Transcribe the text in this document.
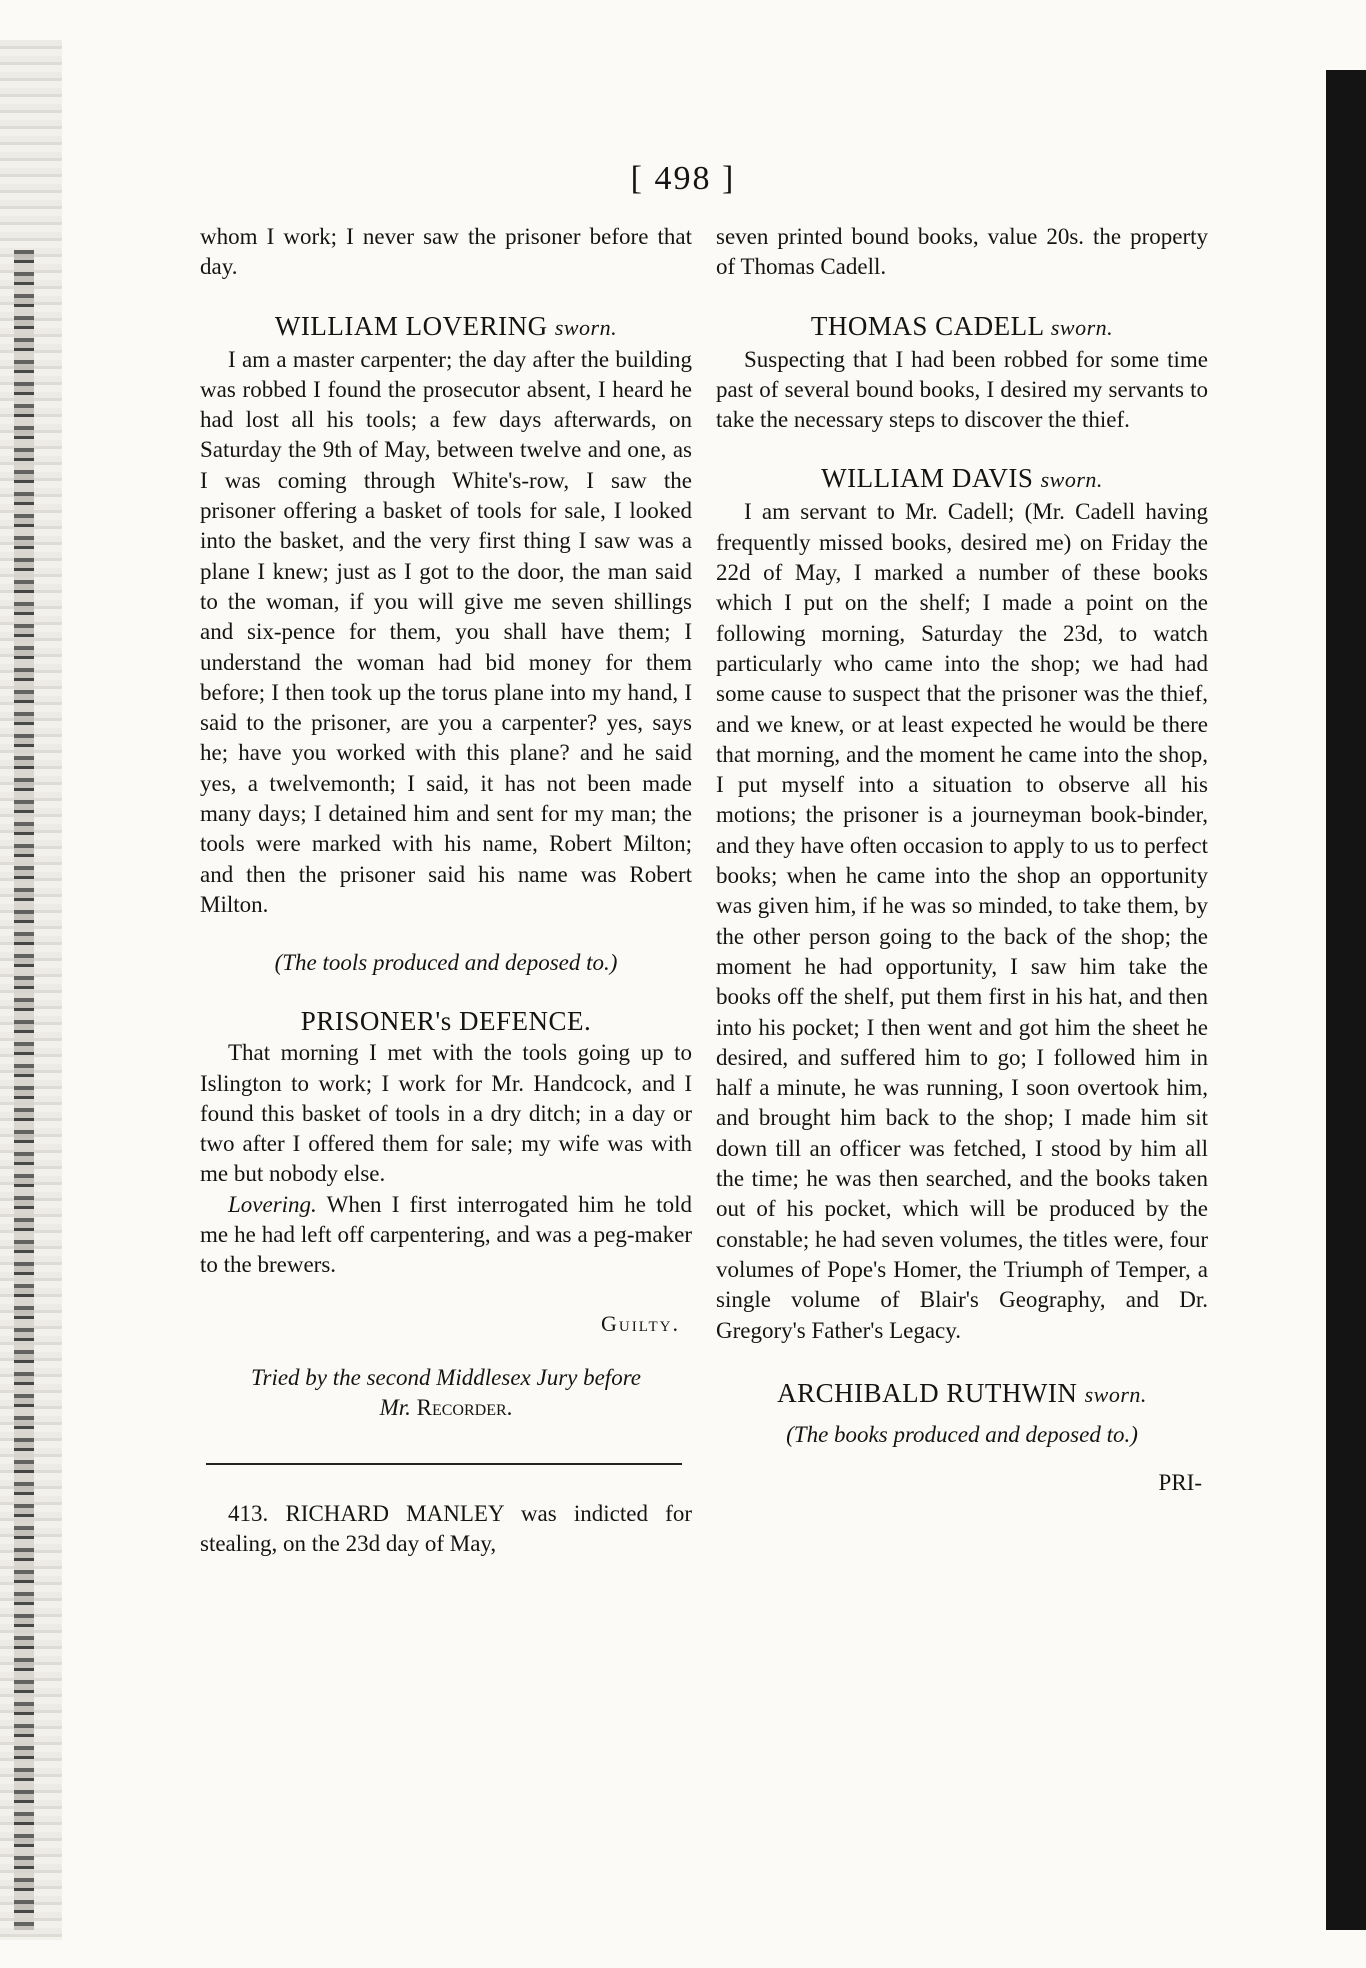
[ 498 ]

whom I work; I never saw the prisoner before that day.

WILLIAM LOVERING sworn.

I am a master carpenter; the day after the building was robbed I found the prosecutor absent, I heard he had lost all his tools; a few days afterwards, on Saturday the 9th of May, between twelve and one, as I was coming through White's-row, I saw the prisoner offering a basket of tools for sale, I looked into the basket, and the very first thing I saw was a plane I knew; just as I got to the door, the man said to the woman, if you will give me seven shillings and six-pence for them, you shall have them; I understand the woman had bid money for them before; I then took up the torus plane into my hand, I said to the prisoner, are you a carpenter? yes, says he; have you worked with this plane? and he said yes, a twelvemonth; I said, it has not been made many days; I detained him and sent for my man; the tools were marked with his name, Robert Milton; and then the prisoner said his name was Robert Milton.

(The tools produced and deposed to.)

PRISONER's DEFENCE.

That morning I met with the tools going up to Islington to work; I work for Mr. Handcock, and I found this basket of tools in a dry ditch; in a day or two after I offered them for sale; my wife was with me but nobody else.

Lovering. When I first interrogated him he told me he had left off carpentering, and was a peg-maker to the brewers.

Guilty.

Tried by the second Middlesex Jury before
Mr. Recorder.

413. RICHARD MANLEY was indicted for stealing, on the 23d day of May,

seven printed bound books, value 20s. the property of Thomas Cadell.

THOMAS CADELL sworn.

Suspecting that I had been robbed for some time past of several bound books, I desired my servants to take the necessary steps to discover the thief.

WILLIAM DAVIS sworn.

I am servant to Mr. Cadell; (Mr. Cadell having frequently missed books, desired me) on Friday the 22d of May, I marked a number of these books which I put on the shelf; I made a point on the following morning, Saturday the 23d, to watch particularly who came into the shop; we had had some cause to suspect that the prisoner was the thief, and we knew, or at least expected he would be there that morning, and the moment he came into the shop, I put myself into a situation to observe all his motions; the prisoner is a journeyman book-binder, and they have often occasion to apply to us to perfect books; when he came into the shop an opportunity was given him, if he was so minded, to take them, by the other person going to the back of the shop; the moment he had opportunity, I saw him take the books off the shelf, put them first in his hat, and then into his pocket; I then went and got him the sheet he desired, and suffered him to go; I followed him in half a minute, he was running, I soon overtook him, and brought him back to the shop; I made him sit down till an officer was fetched, I stood by him all the time; he was then searched, and the books taken out of his pocket, which will be produced by the constable; he had seven volumes, the titles were, four volumes of Pope's Homer, the Triumph of Temper, a single volume of Blair's Geography, and Dr. Gregory's Father's Legacy.

ARCHIBALD RUTHWIN sworn.

(The books produced and deposed to.)

PRI-
